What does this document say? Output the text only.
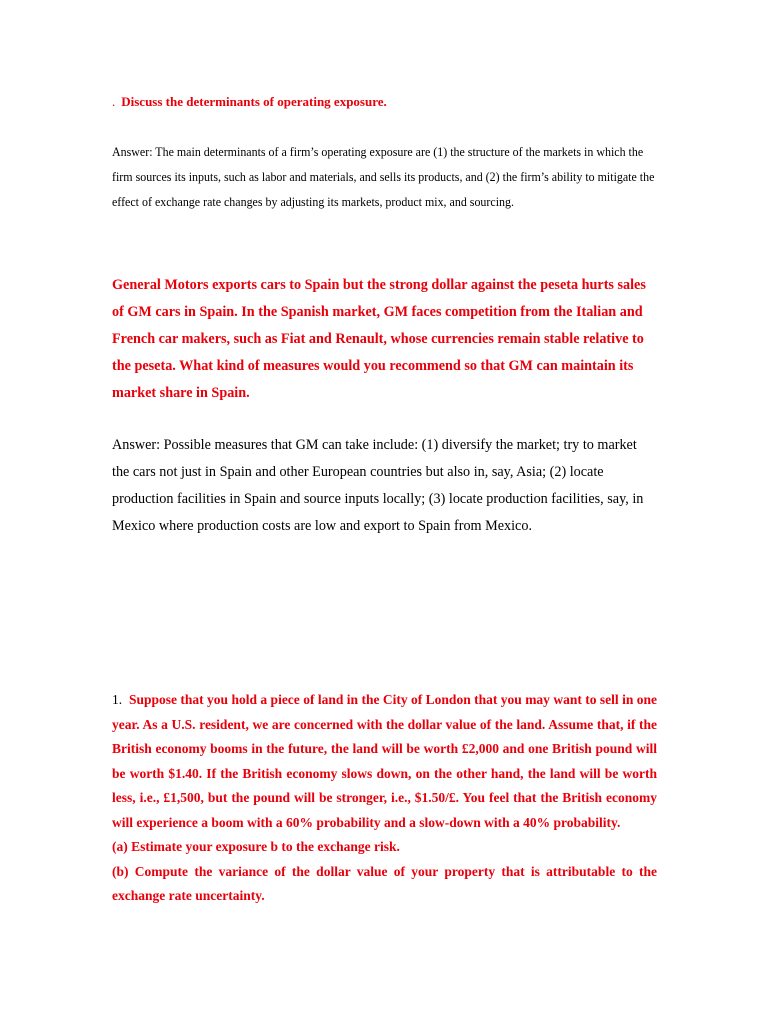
. Discuss the determinants of operating exposure.
Answer: The main determinants of a firm’s operating exposure are (1) the structure of the markets in which the firm sources its inputs, such as labor and materials, and sells its products, and (2) the firm’s ability to mitigate the effect of exchange rate changes by adjusting its markets, product mix, and sourcing.
General Motors exports cars to Spain but the strong dollar against the peseta hurts sales of GM cars in Spain. In the Spanish market, GM faces competition from the Italian and French car makers, such as Fiat and Renault, whose currencies remain stable relative to the peseta. What kind of measures would you recommend so that GM can maintain its market share in Spain.
Answer: Possible measures that GM can take include: (1) diversify the market; try to market the cars not just in Spain and other European countries but also in, say, Asia; (2) locate production facilities in Spain and source inputs locally; (3) locate production facilities, say, in Mexico where production costs are low and export to Spain from Mexico.

1. Suppose that you hold a piece of land in the City of London that you may want to sell in one year. As a U.S. resident, we are concerned with the dollar value of the land. Assume that, if the British economy booms in the future, the land will be worth £2,000 and one British pound will be worth $1.40. If the British economy slows down, on the other hand, the land will be worth less, i.e., £1,500, but the pound will be stronger, i.e., $1.50/£. You feel that the British economy will experience a boom with a 60% probability and a slow-down with a 40% probability.

(a) Estimate your exposure b to the exchange risk.

(b) Compute the variance of the dollar value of your property that is attributable to the exchange rate uncertainty.
